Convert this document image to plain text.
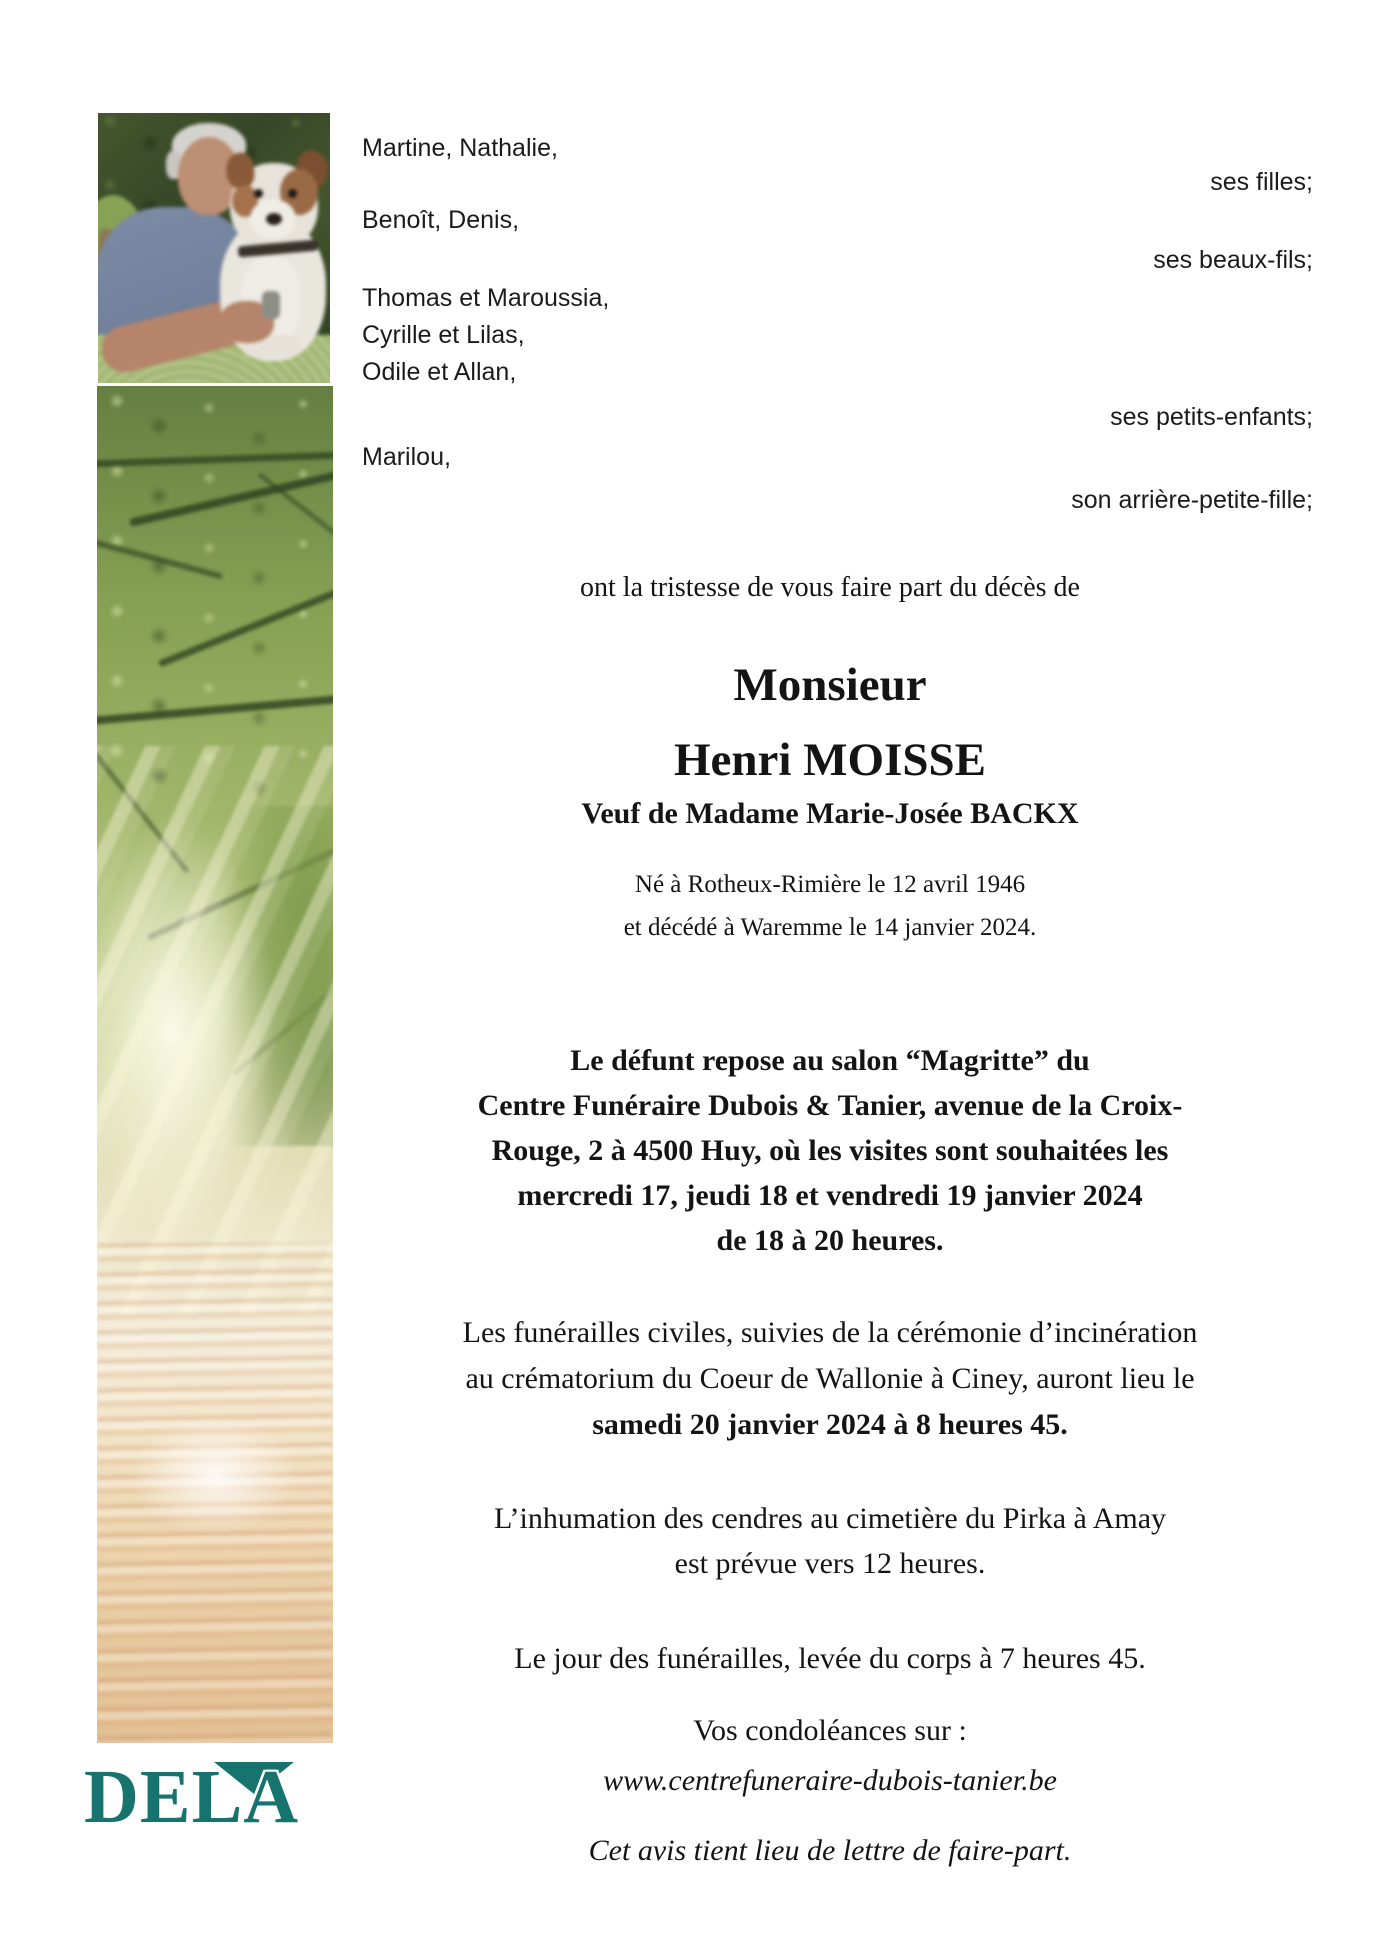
DELA
Martine, Nathalie,
ses filles;
Benoît, Denis,
ses beaux-fils;
Thomas et Maroussia,
Cyrille et Lilas,
Odile et Allan,
ses petits-enfants;
Marilou,
son arrière-petite-fille;
ont la tristesse de vous faire part du décès de
Monsieur
Henri MOISSE
Veuf de Madame Marie-Josée BACKX
Né à Rotheux-Rimière le 12 avril 1946
et décédé à Waremme le 14 janvier 2024.
Le défunt repose au salon “Magritte” du
Centre Funéraire Dubois & Tanier, avenue de la Croix-
Rouge, 2 à 4500 Huy, où les visites sont souhaitées les
mercredi 17, jeudi 18 et vendredi 19 janvier 2024
de 18 à 20 heures.
Les funérailles civiles, suivies de la cérémonie d’incinération
au crématorium du Coeur de Wallonie à Ciney, auront lieu le
samedi 20 janvier 2024 à 8 heures 45.
L’inhumation des cendres au cimetière du Pirka à Amay
est prévue vers 12 heures.
Le jour des funérailles, levée du corps à 7 heures 45.
Vos condoléances sur :
www.centrefuneraire-dubois-tanier.be
Cet avis tient lieu de lettre de faire-part.
